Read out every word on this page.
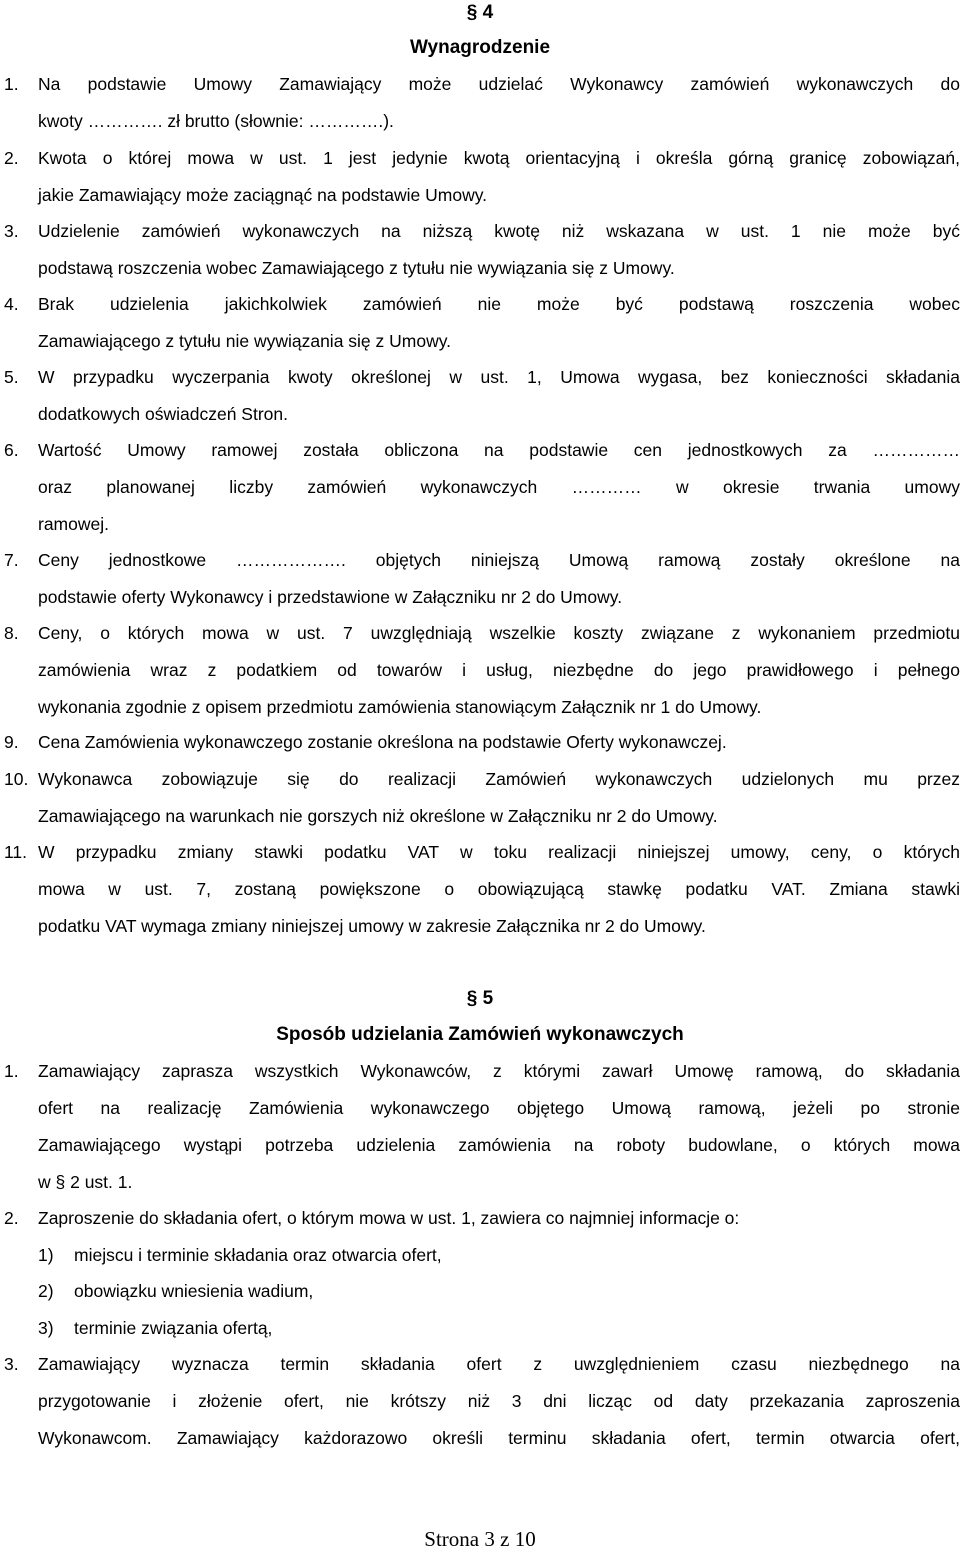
§ 4
Wynagrodzenie
1. Na podstawie Umowy Zamawiający może udzielać Wykonawcy zamówień wykonawczych do
kwoty …………. zł brutto (słownie: ………….).
2. Kwota o której mowa w ust. 1 jest jedynie kwotą orientacyjną i określa górną granicę zobowiązań,
jakie Zamawiający może zaciągnąć na podstawie Umowy.
3. Udzielenie zamówień wykonawczych na niższą kwotę niż wskazana w ust. 1 nie może być
podstawą roszczenia wobec Zamawiającego z tytułu nie wywiązania się z Umowy.
4. Brak udzielenia jakichkolwiek zamówień nie może być podstawą roszczenia wobec
Zamawiającego z tytułu nie wywiązania się z Umowy.
5. W przypadku wyczerpania kwoty określonej w ust. 1, Umowa wygasa, bez konieczności składania
dodatkowych oświadczeń Stron.
6. Wartość Umowy ramowej została obliczona na podstawie cen jednostkowych za ……………
oraz planowanej liczby zamówień wykonawczych ………… w okresie trwania umowy
ramowej.
7. Ceny jednostkowe ………………. objętych niniejszą Umową ramową zostały określone na
podstawie oferty Wykonawcy i przedstawione w Załączniku nr 2 do Umowy.
8. Ceny, o których mowa w ust. 7 uwzględniają wszelkie koszty związane z wykonaniem przedmiotu
zamówienia wraz z podatkiem od towarów i usług, niezbędne do jego prawidłowego i pełnego
wykonania zgodnie z opisem przedmiotu zamówienia stanowiącym Załącznik nr 1 do Umowy.
9. Cena Zamówienia wykonawczego zostanie określona na podstawie Oferty wykonawczej.
10. Wykonawca zobowiązuje się do realizacji Zamówień wykonawczych udzielonych mu przez
Zamawiającego na warunkach nie gorszych niż określone w Załączniku nr 2 do Umowy.
11. W przypadku zmiany stawki podatku VAT w toku realizacji niniejszej umowy, ceny, o których
mowa w ust. 7, zostaną powiększone o obowiązującą stawkę podatku VAT. Zmiana stawki
podatku VAT wymaga zmiany niniejszej umowy w zakresie Załącznika nr 2 do Umowy.
§ 5
Sposób udzielania Zamówień wykonawczych
1. Zamawiający zaprasza wszystkich Wykonawców, z którymi zawarł Umowę ramową, do składania
ofert na realizację Zamówienia wykonawczego objętego Umową ramową, jeżeli po stronie
Zamawiającego wystąpi potrzeba udzielenia zamówienia na roboty budowlane, o których mowa
w § 2 ust. 1.
2. Zaproszenie do składania ofert, o którym mowa w ust. 1, zawiera co najmniej informacje o:
1) miejscu i terminie składania oraz otwarcia ofert,
2) obowiązku wniesienia wadium,
3) terminie związania ofertą,
3. Zamawiający wyznacza termin składania ofert z uwzględnieniem czasu niezbędnego na
przygotowanie i złożenie ofert, nie krótszy niż 3 dni licząc od daty przekazania zaproszenia
Wykonawcom. Zamawiający każdorazowo określi terminu składania ofert, termin otwarcia ofert,
Strona 3 z 10
